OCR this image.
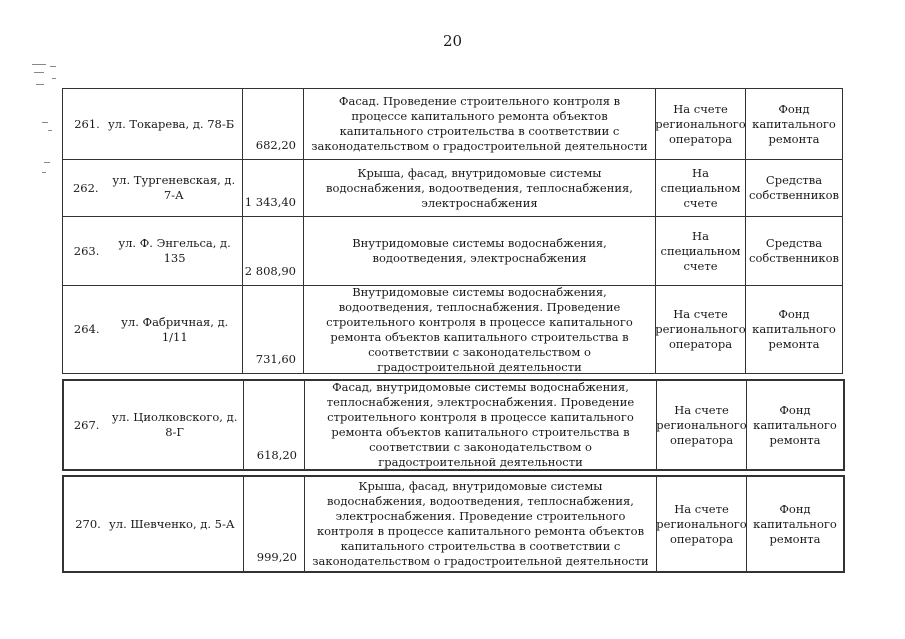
20
261. ул. Токарева, д. 78-Б
682,20
Фасад. Проведение строительного контроля в процессе капитального ремонта объектов капитального строительства в соответствии с законодательством о градостроительной деятельности
На счете регионального оператора
Фонд капитального ремонта
262.
ул. Тургеневская, д. 7-А	1 343,40
Крыша, фасад, внутридомовые системы водоснабжения, водоотведения, теплоснабжения, электроснабжения
На специальном счете
Средства собственников
263.
ул. Ф. Энгельса, д. 135
2 808,90
Внутридомовые системы водоснабжения, водоотведения, электроснабжения
На специальном счете
Средства собственников
264.
ул. Фабричная, д. 1/11
731,60
Внутридомовые системы водоснабжения, водоотведения, теплоснабжения. Проведение строительного контроля в процессе капитального ремонта объектов капитального строительства в соответствии с законодательством о градостроительной деятельности
На счете регионального оператора
Фонд капитального ремонта
267.
ул. Циолковского, д. 8-Г
618,20
Фасад, внутридомовые системы водоснабжения, теплоснабжения, электроснабжения. Проведение строительного контроля в процессе капитального ремонта объектов капитального строительства в соответствии с законодательством о градостроительной деятельности
На счете регионального оператора
Фонд капитального ремонта
270. ул. Шевченко, д. 5-А
999,20
Крыша, фасад, внутридомовые системы водоснабжения, водоотведения, теплоснабжения, электроснабжения. Проведение строительного контроля в процессе капитального ремонта объектов капитального строительства в соответствии с законодательством о градостроительной деятельности
На счете регионального оператора
Фонд капитального ремонта
